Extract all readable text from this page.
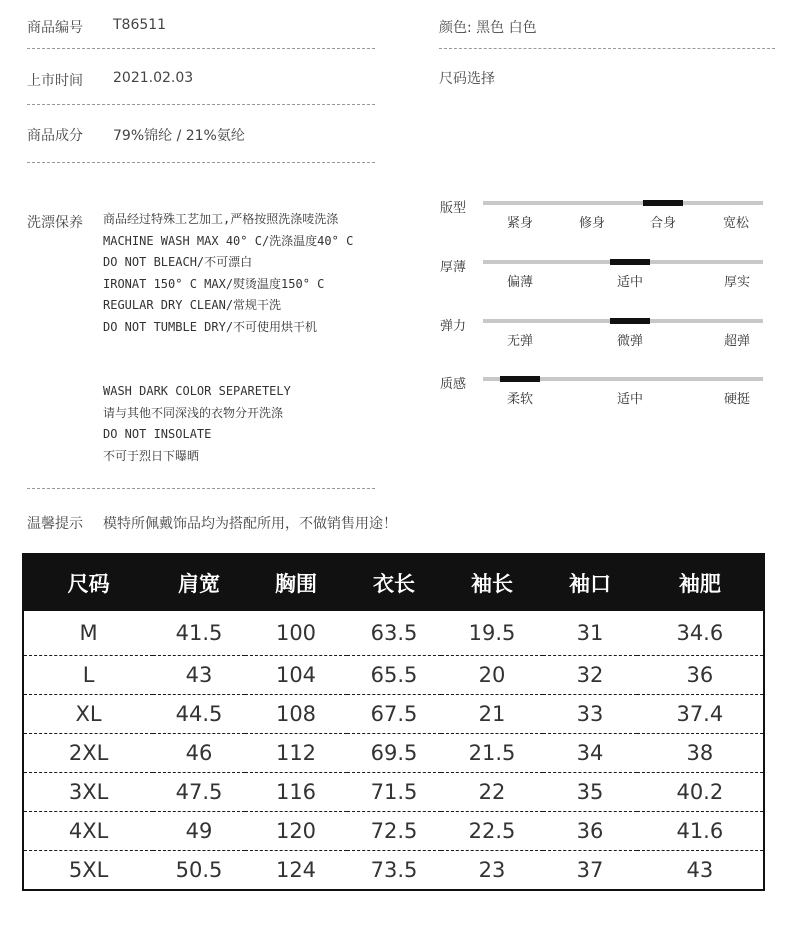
商品编号 T86511
上市时间 2021.02.03
商品成分 79%锦纶 / 21%氨纶
颜色: 黑色 白色
尺码选择
洗漂保养 商品经过特殊工艺加工,严格按照洗涤唛洗涤
MACHINE WASH MAX 40° C/洗涤温度40° C
DO NOT BLEACH/不可漂白
IRONAT 150° C MAX/熨烫温度150° C
REGULAR DRY CLEAN/常规干洗
DO NOT TUMBLE DRY/不可使用烘干机
WASH DARK COLOR SEPARETELY
请与其他不同深浅的衣物分开洗涤
DO NOT INSOLATE
不可于烈日下曝晒
温馨提示 模特所佩戴饰品均为搭配所用，不做销售用途！
版型
紧身	修身	合身	宽松
厚薄
偏薄	适中	厚实
弹力
无弹	微弹	超弹
质感
柔软	适中	硬挺
尺码	肩宽	胸围	衣长	袖长	袖口	袖肥
M	41.5	100	63.5	19.5	31	34.6
L	43	104	65.5	20	32	36
XL	44.5	108	67.5	21	33	37.4
2XL	46	112	69.5	21.5	34	38
3XL	47.5	116	71.5	22	35	40.2
4XL	49	120	72.5	22.5	36	41.6
5XL	50.5	124	73.5	23	37	43
